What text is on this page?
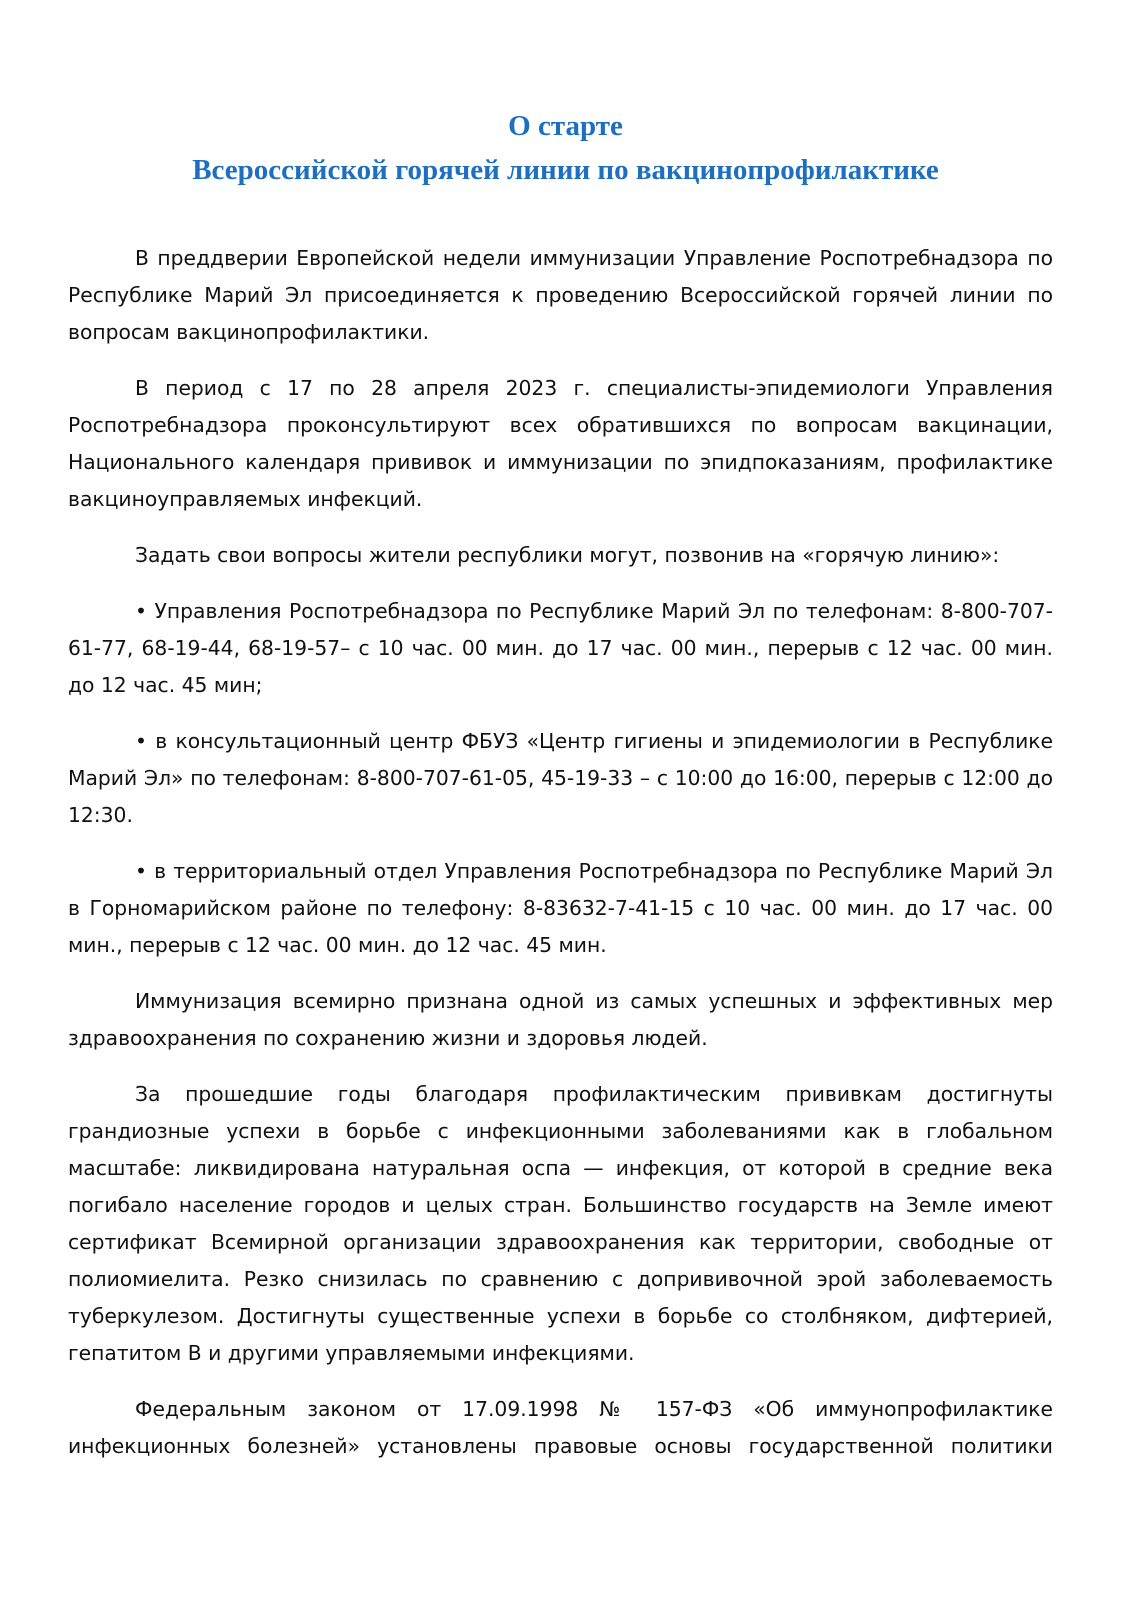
О старте
Всероссийской горячей линии по вакцинопрофилактике

В преддверии Европейской недели иммунизации Управление Роспотребнадзора по Республике Марий Эл присоединяется к проведению Всероссийской горячей линии по вопросам вакцинопрофилактики.

В период с 17 по 28 апреля 2023 г. специалисты-эпидемиологи Управления Роспотребнадзора проконсультируют всех обратившихся по вопросам вакцинации, Национального календаря прививок и иммунизации по эпидпоказаниям, профилактике вакциноуправляемых инфекций.

Задать свои вопросы жители республики могут, позвонив на «горячую линию»:

• Управления Роспотребнадзора по Республике Марий Эл по телефонам: 8-800-707-61-77, 68-19-44, 68-19-57– с 10 час. 00 мин. до 17 час. 00 мин., перерыв с 12 час. 00 мин. до 12 час. 45 мин;

• в консультационный центр ФБУЗ «Центр гигиены и эпидемиологии в Республике Марий Эл» по телефонам: 8-800-707-61-05, 45-19-33 – с 10:00 до 16:00, перерыв с 12:00 до 12:30.

• в территориальный отдел Управления Роспотребнадзора по Республике Марий Эл в Горномарийском районе по телефону: 8-83632-7-41-15 с 10 час. 00 мин. до 17 час. 00 мин., перерыв с 12 час. 00 мин. до 12 час. 45 мин.

Иммунизация всемирно признана одной из самых успешных и эффективных мер здравоохранения по сохранению жизни и здоровья людей.

За прошедшие годы благодаря профилактическим прививкам достигнуты грандиозные успехи в борьбе с инфекционными заболеваниями как в глобальном масштабе: ликвидирована натуральная оспа — инфекция, от которой в средние века погибало население городов и целых стран. Большинство государств на Земле имеют сертификат Всемирной организации здравоохранения как территории, свободные от полиомиелита. Резко снизилась по сравнению с допрививочной эрой заболеваемость туберкулезом. Достигнуты существенные успехи в борьбе со столбняком, дифтерией, гепатитом В и другими управляемыми инфекциями.

Федеральным законом от 17.09.1998 № 157-ФЗ «Об иммунопрофилактике инфекционных болезней» установлены правовые основы государственной политики
